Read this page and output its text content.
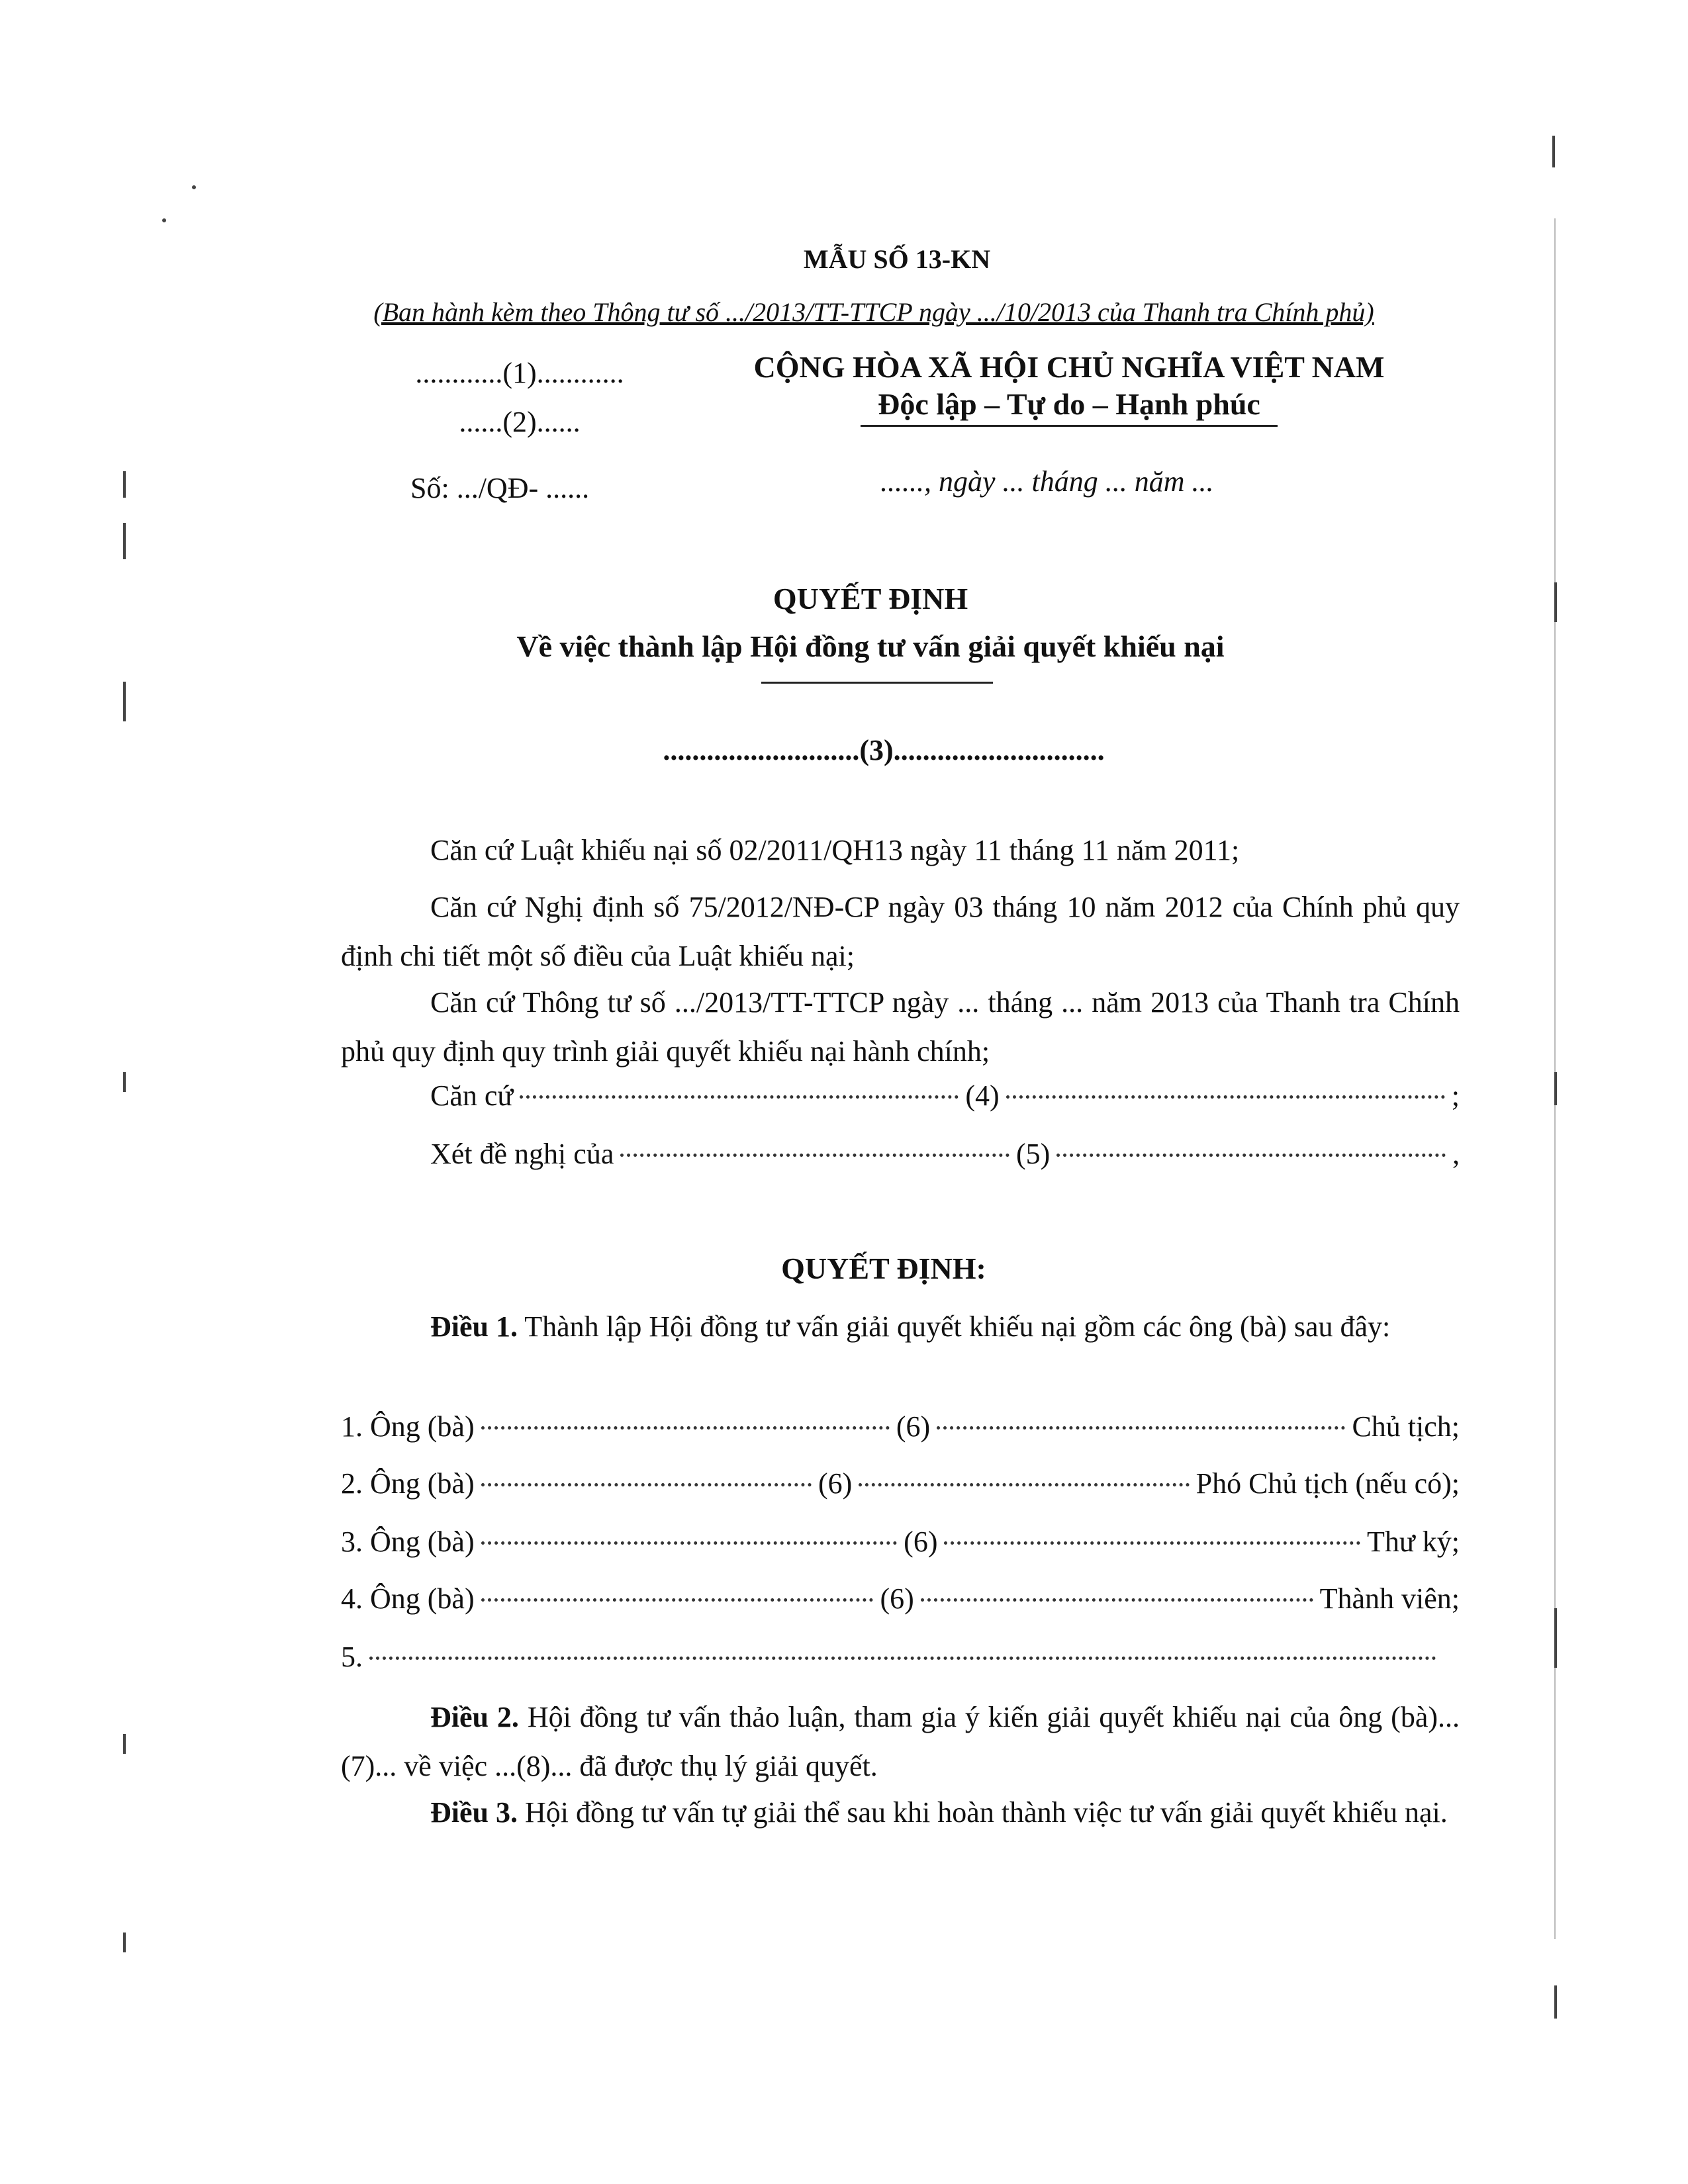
MẪU SỐ 13-KN
(Ban hành kèm theo Thông tư số .../2013/TT-TTCP ngày .../10/2013 của Thanh tra Chính phủ)
............(1)............
......(2)......
Số: .../QĐ- ......
CỘNG HÒA XÃ HỘI CHỦ NGHĨA VIỆT NAM
Độc lập – Tự do – Hạnh phúc
......, ngày ... tháng ... năm ...
QUYẾT ĐỊNH
Về việc thành lập Hội đồng tư vấn giải quyết khiếu nại
...........................(3).............................
Căn cứ Luật khiếu nại số 02/2011/QH13 ngày 11 tháng 11 năm 2011;
Căn cứ Nghị định số 75/2012/NĐ-CP ngày 03 tháng 10 năm 2012 của Chính phủ quy định chi tiết một số điều của Luật khiếu nại;
Căn cứ Thông tư số .../2013/TT-TTCP ngày ... tháng ... năm 2013 của Thanh tra Chính phủ quy định quy trình giải quyết khiếu nại hành chính;
Căn cứ	(4)	;
Xét đề nghị của	(5)	,
QUYẾT ĐỊNH:
Điều 1. Thành lập Hội đồng tư vấn giải quyết khiếu nại gồm các ông (bà) sau đây:
1. Ông (bà)	(6)	Chủ tịch;
2. Ông (bà)	(6)	Phó Chủ tịch (nếu có);
3. Ông (bà)	(6)	Thư ký;
4. Ông (bà)	(6)	Thành viên;
5.
Điều 2. Hội đồng tư vấn thảo luận, tham gia ý kiến giải quyết khiếu nại của ông (bà)...(7)... về việc ...(8)... đã được thụ lý giải quyết.
Điều 3. Hội đồng tư vấn tự giải thể sau khi hoàn thành việc tư vấn giải quyết khiếu nại.
